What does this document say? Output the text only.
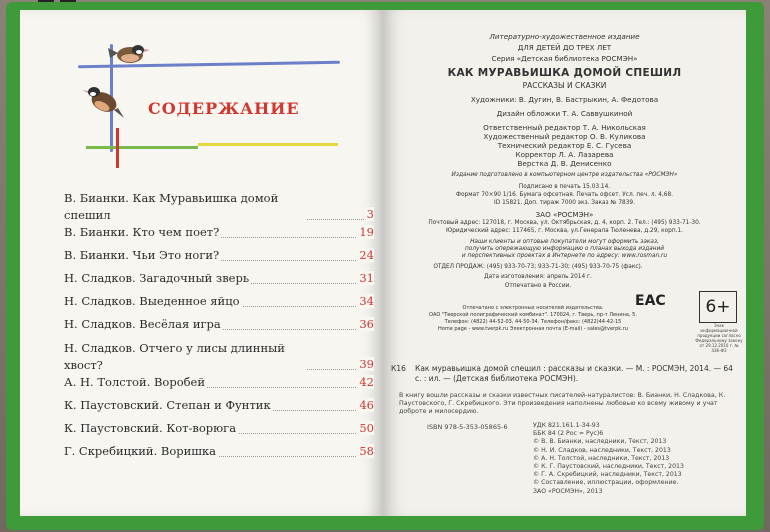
СОДЕРЖАНИЕ
В. Бианки. Как Муравьишка домой спешил	3
В. Бианки. Кто чем поет?	19
В. Бианки. Чьи Это ноги?	24
Н. Сладков. Загадочный зверь	31
Н. Сладков. Выеденное яйцо	34
Н. Сладков. Весёлая игра	36
Н. Сладков. Отчего у лисы длинный хвост?	39
А. Н. Толстой. Воробей	42
К. Паустовский. Степан и Фунтик	46
К. Паустовский. Кот-ворюга	50
Г. Скребицкий. Воришка	58
Литературно-художественное издание
ДЛЯ ДЕТЕЙ ДО ТРЕХ ЛЕТ
Серия «Детская библиотека РОСМЭН»
КАК МУРАВЬИШКА ДОМОЙ СПЕШИЛ
РАССКАЗЫ И СКАЗКИ
Художники: В. Дугин, В. Бастрыкин, А. Федотова
Дизайн обложки Т. А. Саввушкиной
Ответственный редактор Т. А. Никольская
Художественный редактор О. В. Куликова
Технический редактор Е. С. Гусева
Корректор Л. А. Лазарева
Верстка Д. В. Денисенко
Издание подготовлено в компьютерном центре издательства «РОСМЭН»
Подписано в печать 15.03.14.
Формат 70×90 1/16. Бумага офсетная. Печать офсет. Усл. печ. л. 4,68.
ID 15821. Доп. тираж 7000 экз. Заказ № 7839.
ЗАО «РОСМЭН»
Почтовый адрес: 127018, г. Москва, ул. Октябрьская, д. 4, корп. 2. Тел.: (495) 933-71-30.
Юридический адрес: 117465, г. Москва, ул.Генерала Тюленева, д.29, корп.1.
Наши клиенты и оптовые покупатели могут оформить заказ,
получить опережающую информацию о планах выхода изданий
и перспективных проектах в Интернете по адресу: www.rosman.ru
ОТДЕЛ ПРОДАЖ: (495) 933-70-73; 933-71-30; (495) 933-70-75 (факс).
Дата изготовления: апрель 2014 г.
Отпечатано в России.
Отпечатано с электронных носителей издательства.
ОАО "Тверской полиграфический комбинат". 170024, г. Тверь, пр-т Ленина, 5.
Телефон: (4822) 44-52-03, 44-50-34. Телефон/факс: (4822)44-42-15
Home page - www.tverpk.ru Электронная почта (E-mail) - sales@tverpk.ru
ЕАС	6+
Знак информационной продукции согласно Федеральному закону от 29.12.2010 г. № 436-ФЗ
К16 Как муравьишка домой спешил : рассказы и сказки. — М. : РОСМЭН, 2014. — 64 с. : ил. — (Детская библиотека РОСМЭН).
В книгу вошли рассказы и сказки известных писателей-натуралистов: В. Бианки, Н. Сладкова, К. Паустовского, Г. Скребицкого. Эти произведения наполнены любовью ко всему живому и учат доброте и милосердию.
ISBN 978-5-353-05865-6	УДК 821.161.1-34-93
ББК 84 (2 Рос = Рус)6
© В. В. Бианки, наследники, Текст, 2013
© Н. И. Сладков, наследники, Текст, 2013
© А. Н. Толстой, наследники, Текст, 2013
© К. Г. Паустовский, наследники, Текст, 2013
© Г. А. Скребицкий, наследники, Текст, 2013
© Составление, иллюстрации, оформление.
ЗАО «РОСМЭН», 2013
